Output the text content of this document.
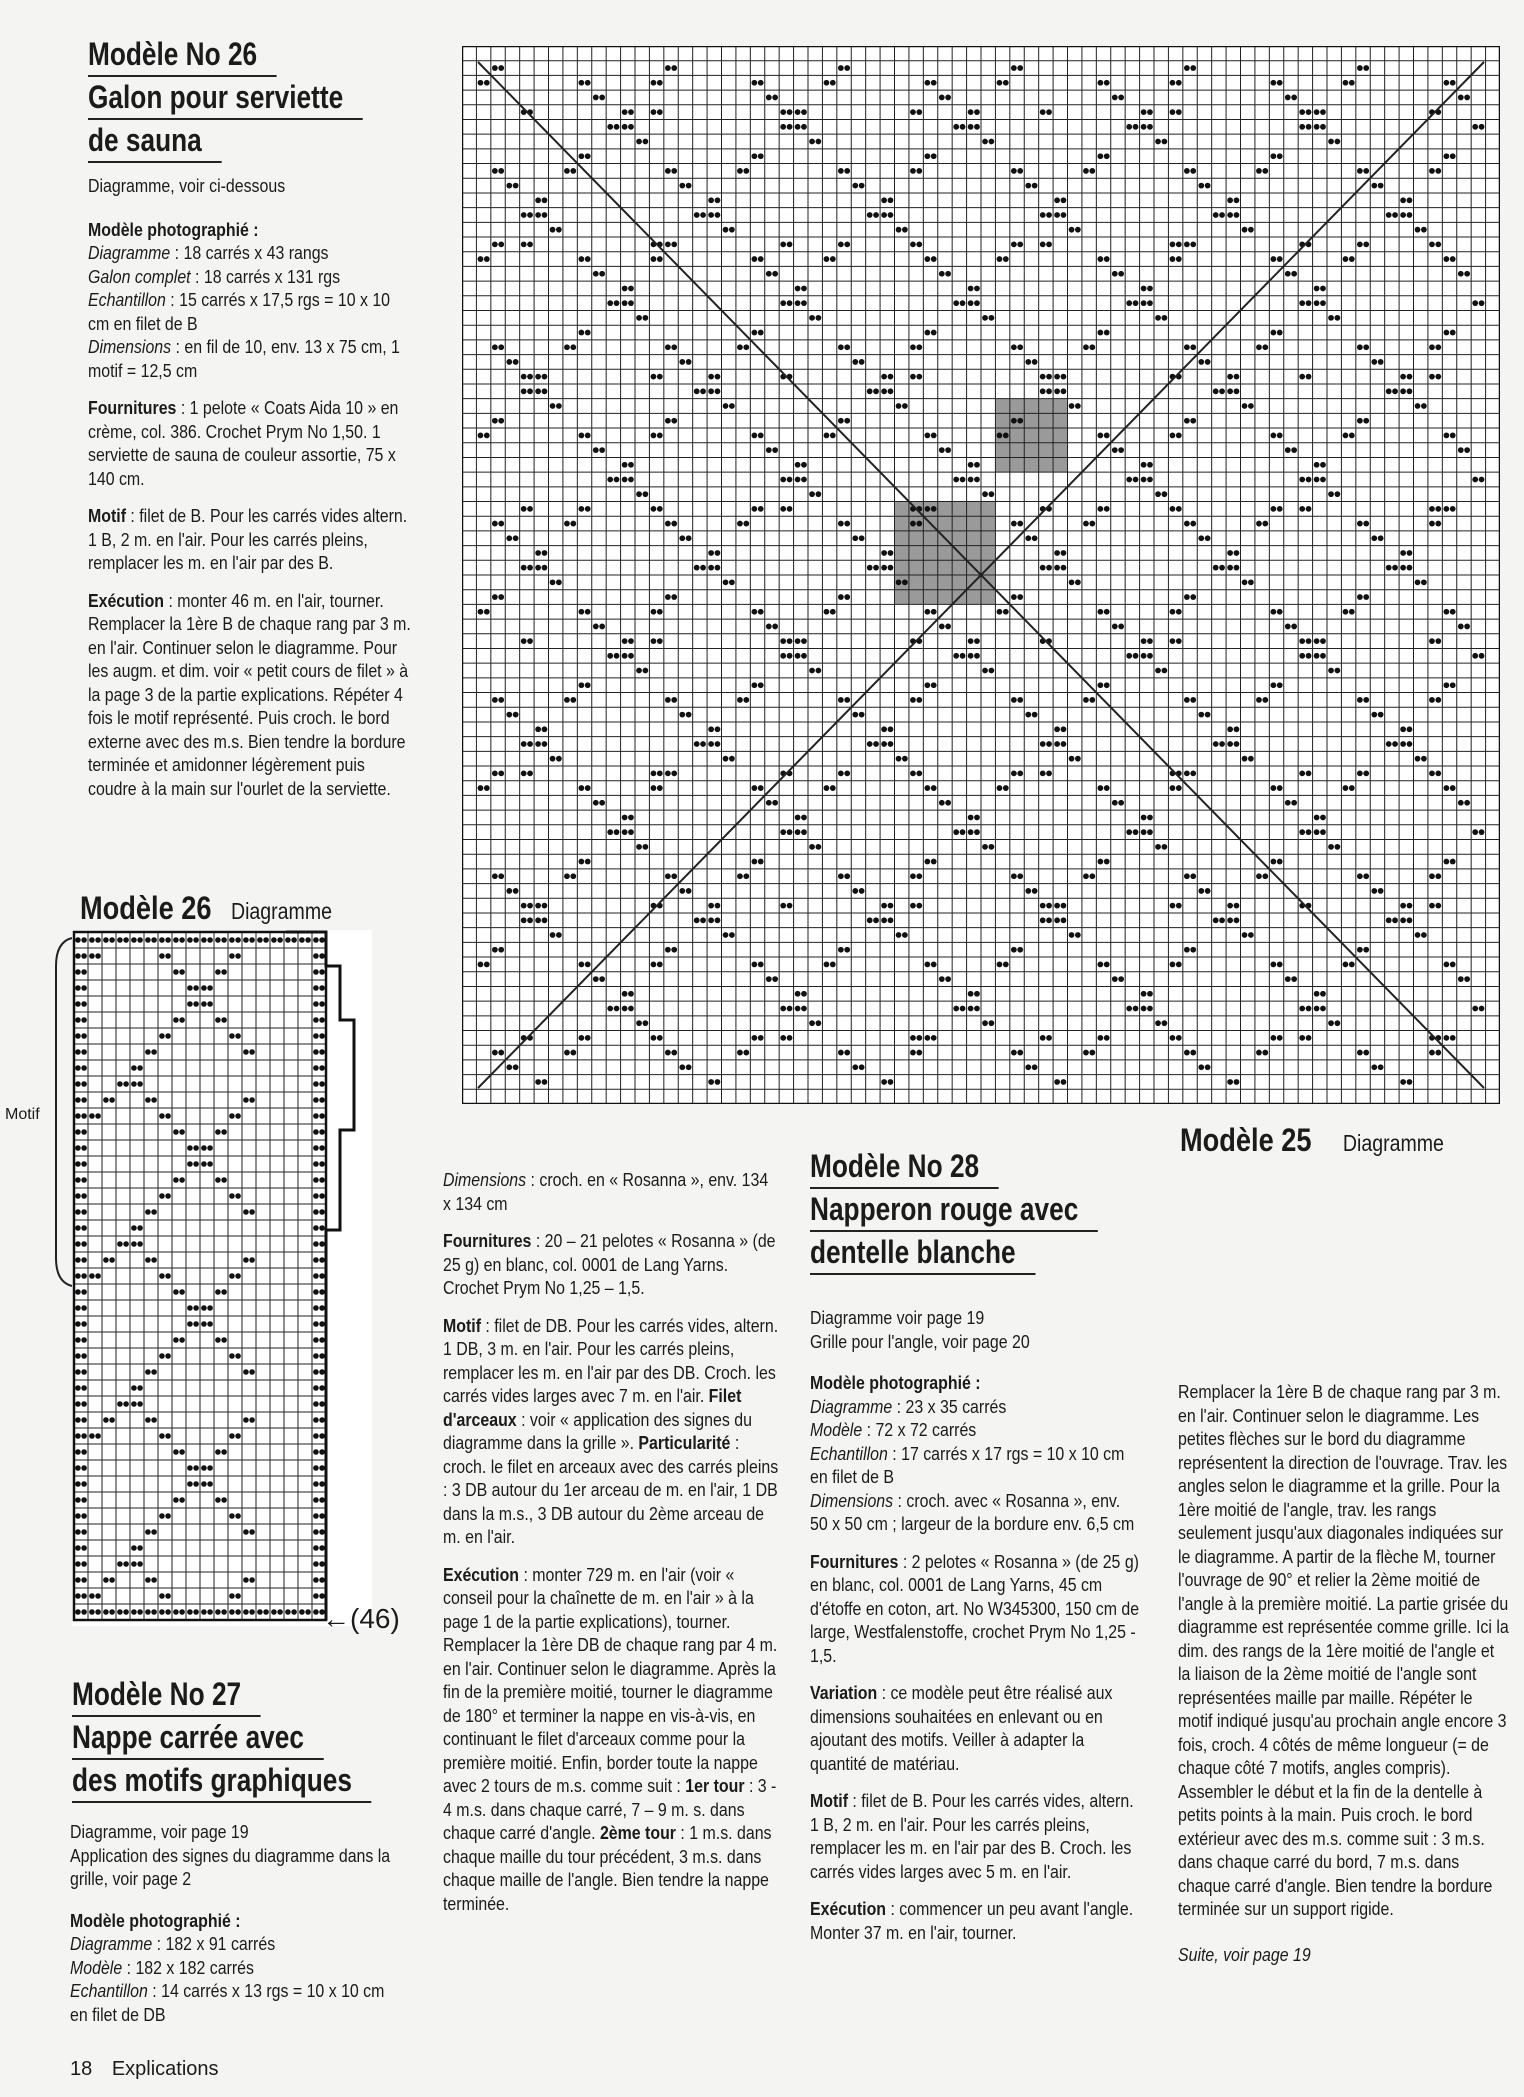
Modèle No 26
Galon pour serviette
de sauna

Diagramme, voir ci-dessous

Modèle photographié :

Diagramme : 18 carrés x 43 rangs
Galon complet : 18 carrés x 131 rgs
Echantillon : 15 carrés x 17,5 rgs = 10 x 10 cm en filet de B
Dimensions : en fil de 10, env. 13 x 75 cm, 1 motif = 12,5 cm

Fournitures : 1 pelote « Coats Aida 10 » en crème, col. 386. Crochet Prym No 1,50. 1 serviette de sauna de couleur assortie, 75 x 140 cm.

Motif : filet de B. Pour les carrés vides altern. 1 B, 2 m. en l'air. Pour les carrés pleins, remplacer les m. en l'air par des B.

Exécution : monter 46 m. en l'air, tourner. Remplacer la 1ère B de chaque rang par 3 m. en l'air. Continuer selon le diagramme. Pour les augm. et dim. voir « petit cours de filet » à la page 3 de la partie explications. Répéter 4 fois le motif représenté. Puis croch. le bord externe avec des m.s. Bien tendre la bordure terminée et amidonner légèrement puis coudre à la main sur l'ourlet de la serviette.

Modèle 26 Diagramme
Motif
←(46)
Modèle No 27
Nappe carrée avec
des motifs graphiques

Diagramme, voir page 19
Application des signes du diagramme dans la grille, voir page 2

Modèle photographié :

Diagramme : 182 x 91 carrés
Modèle : 182 x 182 carrés
Echantillon : 14 carrés x 13 rgs = 10 x 10 cm en filet de DB

Dimensions : croch. en « Rosanna », env. 134 x 134 cm

Fournitures : 20 – 21 pelotes « Rosanna » (de 25 g) en blanc, col. 0001 de Lang Yarns. Crochet Prym No 1,25 – 1,5.

Motif : filet de DB. Pour les carrés vides, altern. 1 DB, 3 m. en l'air. Pour les carrés pleins, remplacer les m. en l'air par des DB. Croch. les carrés vides larges avec 7 m. en l'air. Filet d'arceaux : voir « application des signes du diagramme dans la grille ». Particularité : croch. le filet en arceaux avec des carrés pleins : 3 DB autour du 1er arceau de m. en l'air, 1 DB dans la m.s., 3 DB autour du 2ème arceau de m. en l'air.

Exécution : monter 729 m. en l'air (voir « conseil pour la chaînette de m. en l'air » à la page 1 de la partie explications), tourner. Remplacer la 1ère DB de chaque rang par 4 m. en l'air. Continuer selon le diagramme. Après la fin de la première moitié, tourner le diagramme de 180° et terminer la nappe en vis-à-vis, en continuant le filet d'arceaux comme pour la première moitié. Enfin, border toute la nappe avec 2 tours de m.s. comme suit : 1er tour : 3 - 4 m.s. dans chaque carré, 7 – 9 m. s. dans chaque carré d'angle. 2ème tour : 1 m.s. dans chaque maille du tour précédent, 3 m.s. dans chaque maille de l'angle. Bien tendre la nappe terminée.

Modèle 25 Diagramme
Modèle No 28
Napperon rouge avec
dentelle blanche

Diagramme voir page 19
Grille pour l'angle, voir page 20

Modèle photographié :

Diagramme : 23 x 35 carrés
Modèle : 72 x 72 carrés
Echantillon : 17 carrés x 17 rgs = 10 x 10 cm en filet de B
Dimensions : croch. avec « Rosanna », env. 50 x 50 cm ; largeur de la bordure env. 6,5 cm

Fournitures : 2 pelotes « Rosanna » (de 25 g) en blanc, col. 0001 de Lang Yarns, 45 cm d'étoffe en coton, art. No W345300, 150 cm de large, Westfalenstoffe, crochet Prym No 1,25 - 1,5.

Variation : ce modèle peut être réalisé aux dimensions souhaitées en enlevant ou en ajoutant des motifs. Veiller à adapter la quantité de matériau.

Motif : filet de B. Pour les carrés vides, altern. 1 B, 2 m. en l'air. Pour les carrés pleins, remplacer les m. en l'air par des B. Croch. les carrés vides larges avec 5 m. en l'air.

Exécution : commencer un peu avant l'angle. Monter 37 m. en l'air, tourner.

Remplacer la 1ère B de chaque rang par 3 m. en l'air. Continuer selon le diagramme. Les petites flèches sur le bord du diagramme représentent la direction de l'ouvrage. Trav. les angles selon le diagramme et la grille. Pour la 1ère moitié de l'angle, trav. les rangs seulement jusqu'aux diagonales indiquées sur le diagramme. A partir de la flèche M, tourner l'ouvrage de 90° et relier la 2ème moitié de l'angle à la première moitié. La partie grisée du diagramme est représentée comme grille. Ici la dim. des rangs de la 1ère moitié de l'angle et la liaison de la 2ème moitié de l'angle sont représentées maille par maille. Répéter le motif indiqué jusqu'au prochain angle encore 3 fois, croch. 4 côtés de même longueur (= de chaque côté 7 motifs, angles compris). Assembler le début et la fin de la dentelle à petits points à la main. Puis croch. le bord extérieur avec des m.s. comme suit : 3 m.s. dans chaque carré du bord, 7 m.s. dans chaque carré d'angle. Bien tendre la bordure terminée sur un support rigide.

Suite, voir page 19

18 Explications
